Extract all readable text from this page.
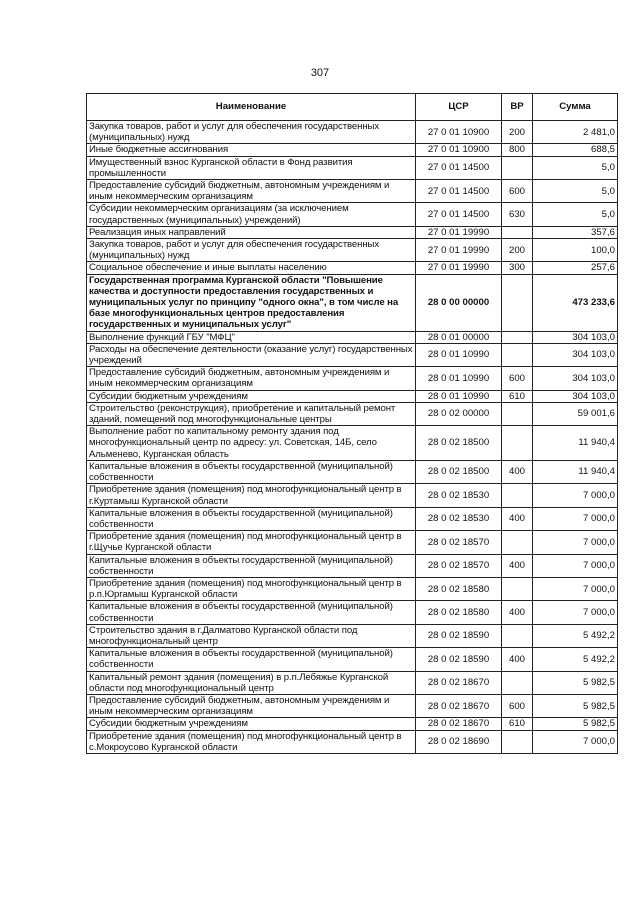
307
Наименование	ЦСР	ВР	Сумма
Закупка товаров, работ и услуг для обеспечения государственных (муниципальных) нужд	27 0 01 10900	200	2 481,0
Иные бюджетные ассигнования	27 0 01 10900	800	688,5
Имущественный взнос Курганской области в Фонд развития промышленности	27 0 01 14500		5,0
Предоставление субсидий бюджетным, автономным учреждениям и иным некоммерческим организациям	27 0 01 14500	600	5,0
Субсидии некоммерческим организациям (за исключением государственных (муниципальных) учреждений)	27 0 01 14500	630	5,0
Реализация иных направлений	27 0 01 19990		357,6
Закупка товаров, работ и услуг для обеспечения государственных (муниципальных) нужд	27 0 01 19990	200	100,0
Социальное обеспечение и иные выплаты населению	27 0 01 19990	300	257,6
Государственная программа Курганской области "Повышение качества и доступности предоставления государственных и муниципальных услуг по принципу "одного окна", в том числе на базе многофункциональных центров предоставления государственных и муниципальных услуг"	28 0 00 00000		473 233,6
Выполнение функций ГБУ "МФЦ"	28 0 01 00000		304 103,0
Расходы на обеспечение деятельности (оказание услуг) государственных учреждений	28 0 01 10990		304 103,0
Предоставление субсидий бюджетным, автономным учреждениям и иным некоммерческим организациям	28 0 01 10990	600	304 103,0
Субсидии бюджетным учреждениям	28 0 01 10990	610	304 103,0
Строительство (реконструкция), приобретение и капитальный ремонт зданий, помещений под многофункциональные центры	28 0 02 00000		59 001,6
Выполнение работ по капитальному ремонту здания под многофункциональный центр по адресу: ул. Советская, 14Б, село Альменево, Курганская область	28 0 02 18500		11 940,4
Капитальные вложения в объекты государственной (муниципальной) собственности	28 0 02 18500	400	11 940,4
Приобретение здания (помещения) под многофункциональный центр в г.Куртамыш Курганской области	28 0 02 18530		7 000,0
Капитальные вложения в объекты государственной (муниципальной) собственности	28 0 02 18530	400	7 000,0
Приобретение здания (помещения) под многофункциональный центр в г.Щучье Курганской области	28 0 02 18570		7 000,0
Капитальные вложения в объекты государственной (муниципальной) собственности	28 0 02 18570	400	7 000,0
Приобретение здания (помещения) под многофункциональный центр в р.п.Юргамыш Курганской области	28 0 02 18580		7 000,0
Капитальные вложения в объекты государственной (муниципальной) собственности	28 0 02 18580	400	7 000,0
Строительство здания в г.Далматово Курганской области под многофункциональный центр	28 0 02 18590		5 492,2
Капитальные вложения в объекты государственной (муниципальной) собственности	28 0 02 18590	400	5 492,2
Капитальный ремонт здания (помещения) в р.п.Лебяжье Курганской области под многофункциональный центр	28 0 02 18670		5 982,5
Предоставление субсидий бюджетным, автономным учреждениям и иным некоммерческим организациям	28 0 02 18670	600	5 982,5
Субсидии бюджетным учреждениям	28 0 02 18670	610	5 982,5
Приобретение здания (помещения) под многофункциональный центр в с.Мокроусово Курганской области	28 0 02 18690		7 000,0
